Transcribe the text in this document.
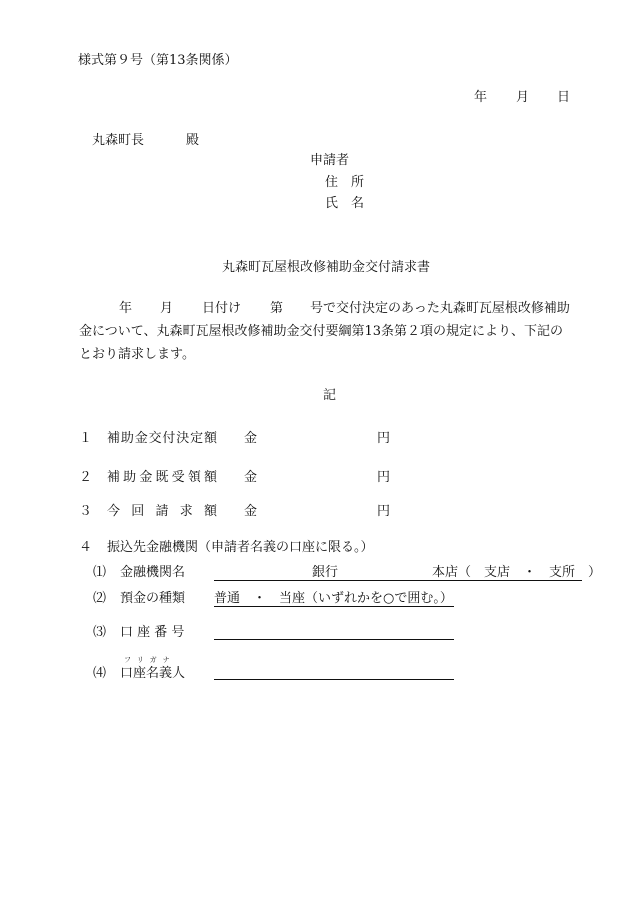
様式第９号（第13条関係）
年 月 日
丸森町長	殿
申請者
住　所
氏　名
丸森町瓦屋根改修補助金交付請求書
年 月 日付け 第 号で交付決定のあった丸森町瓦屋根改修補助
金について、丸森町瓦屋根改修補助金交付要綱第13条第２項の規定により、下記の
とおり請求します。
記
１ 補助金交付決定額 金	円
２ 補助金既受領額 金	円
３ 今回請求額 金	円
４ 振込先金融機関（申請者名義の口座に限る。）
⑴ 金融機関名	銀行	本店（　支店　・　支所　）
⑵ 預金の種類 普通　・　当座（いずれかを○で囲む。）
⑶ 口 座 番 号
フリガナ
⑷ 口座名義人
